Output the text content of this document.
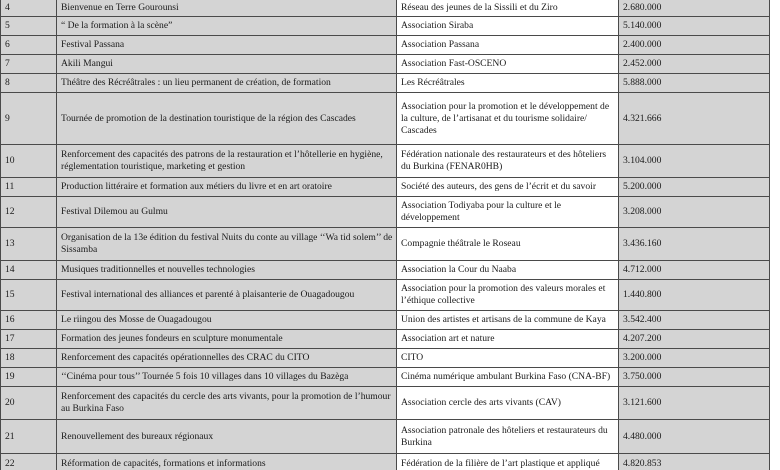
4	Bienvenue en Terre Gourounsi	Réseau des jeunes de la Sissili et du Ziro	2.680.000
5	“ De la formation à la scène”	Association Siraba	5.140.000
6	Festival Passana	Association Passana	2.400.000
7	Akili Mangui	Association Fast-OSCENO	2.452.000
8	Théâtre des Récréâtrales : un lieu permanent de création, de formation	Les Récréâtrales	5.888.000
9	Tournée de promotion de la destination touristique de la région des Cascades	Association pour la promotion et le développement de la culture, de l’artisanat et du tourisme solidaire/ Cascades	4.321.666
10	Renforcement des capacités des patrons de la restauration et l’hôtellerie en hygiène, réglementation touristique, marketing et gestion	Fédération nationale des restaurateurs et des hôteliers du Burkina (FENAR0HB)	3.104.000
11	Production littéraire et formation aux métiers du livre et en art oratoire	Société des auteurs, des gens de l’écrit et du savoir	5.200.000
12	Festival Dilemou au Gulmu	Association Todiyaba pour la culture et le développement	3.208.000
13	Organisation de la 13e édition du festival Nuits du conte au village ‘‘Wa tid solem’’ de Sissamba	Compagnie théâtrale le Roseau	3.436.160
14	Musiques traditionnelles et nouvelles technologies	Association la Cour du Naaba	4.712.000
15	Festival international des alliances et parenté à plaisanterie de Ouagadougou	Association pour la promotion des valeurs morales et l’éthique collective	1.440.800
16	Le riingou des Mosse de Ouagadougou	Union des artistes et artisans de la commune de Kaya	3.542.400
17	Formation des jeunes fondeurs en sculpture monumentale	Association art et nature	4.207.200
18	Renforcement des capacités opérationnelles des CRAC du CITO	CITO	3.200.000
19	‘‘Cinéma pour tous’’ Tournée 5 fois 10 villages dans 10 villages du Bazèga	Cinéma numérique ambulant Burkina Faso (CNA-BF)	3.750.000
20	Renforcement des capacités du cercle des arts vivants, pour la promotion de l’humour au Burkina Faso	Association cercle des arts vivants (CAV)	3.121.600
21	Renouvellement des bureaux régionaux	Association patronale des hôteliers et restaurateurs du Burkina	4.480.000
22	Réformation de capacités, formations et informations	Fédération de la filière de l’art plastique et appliqué	4.820.853
